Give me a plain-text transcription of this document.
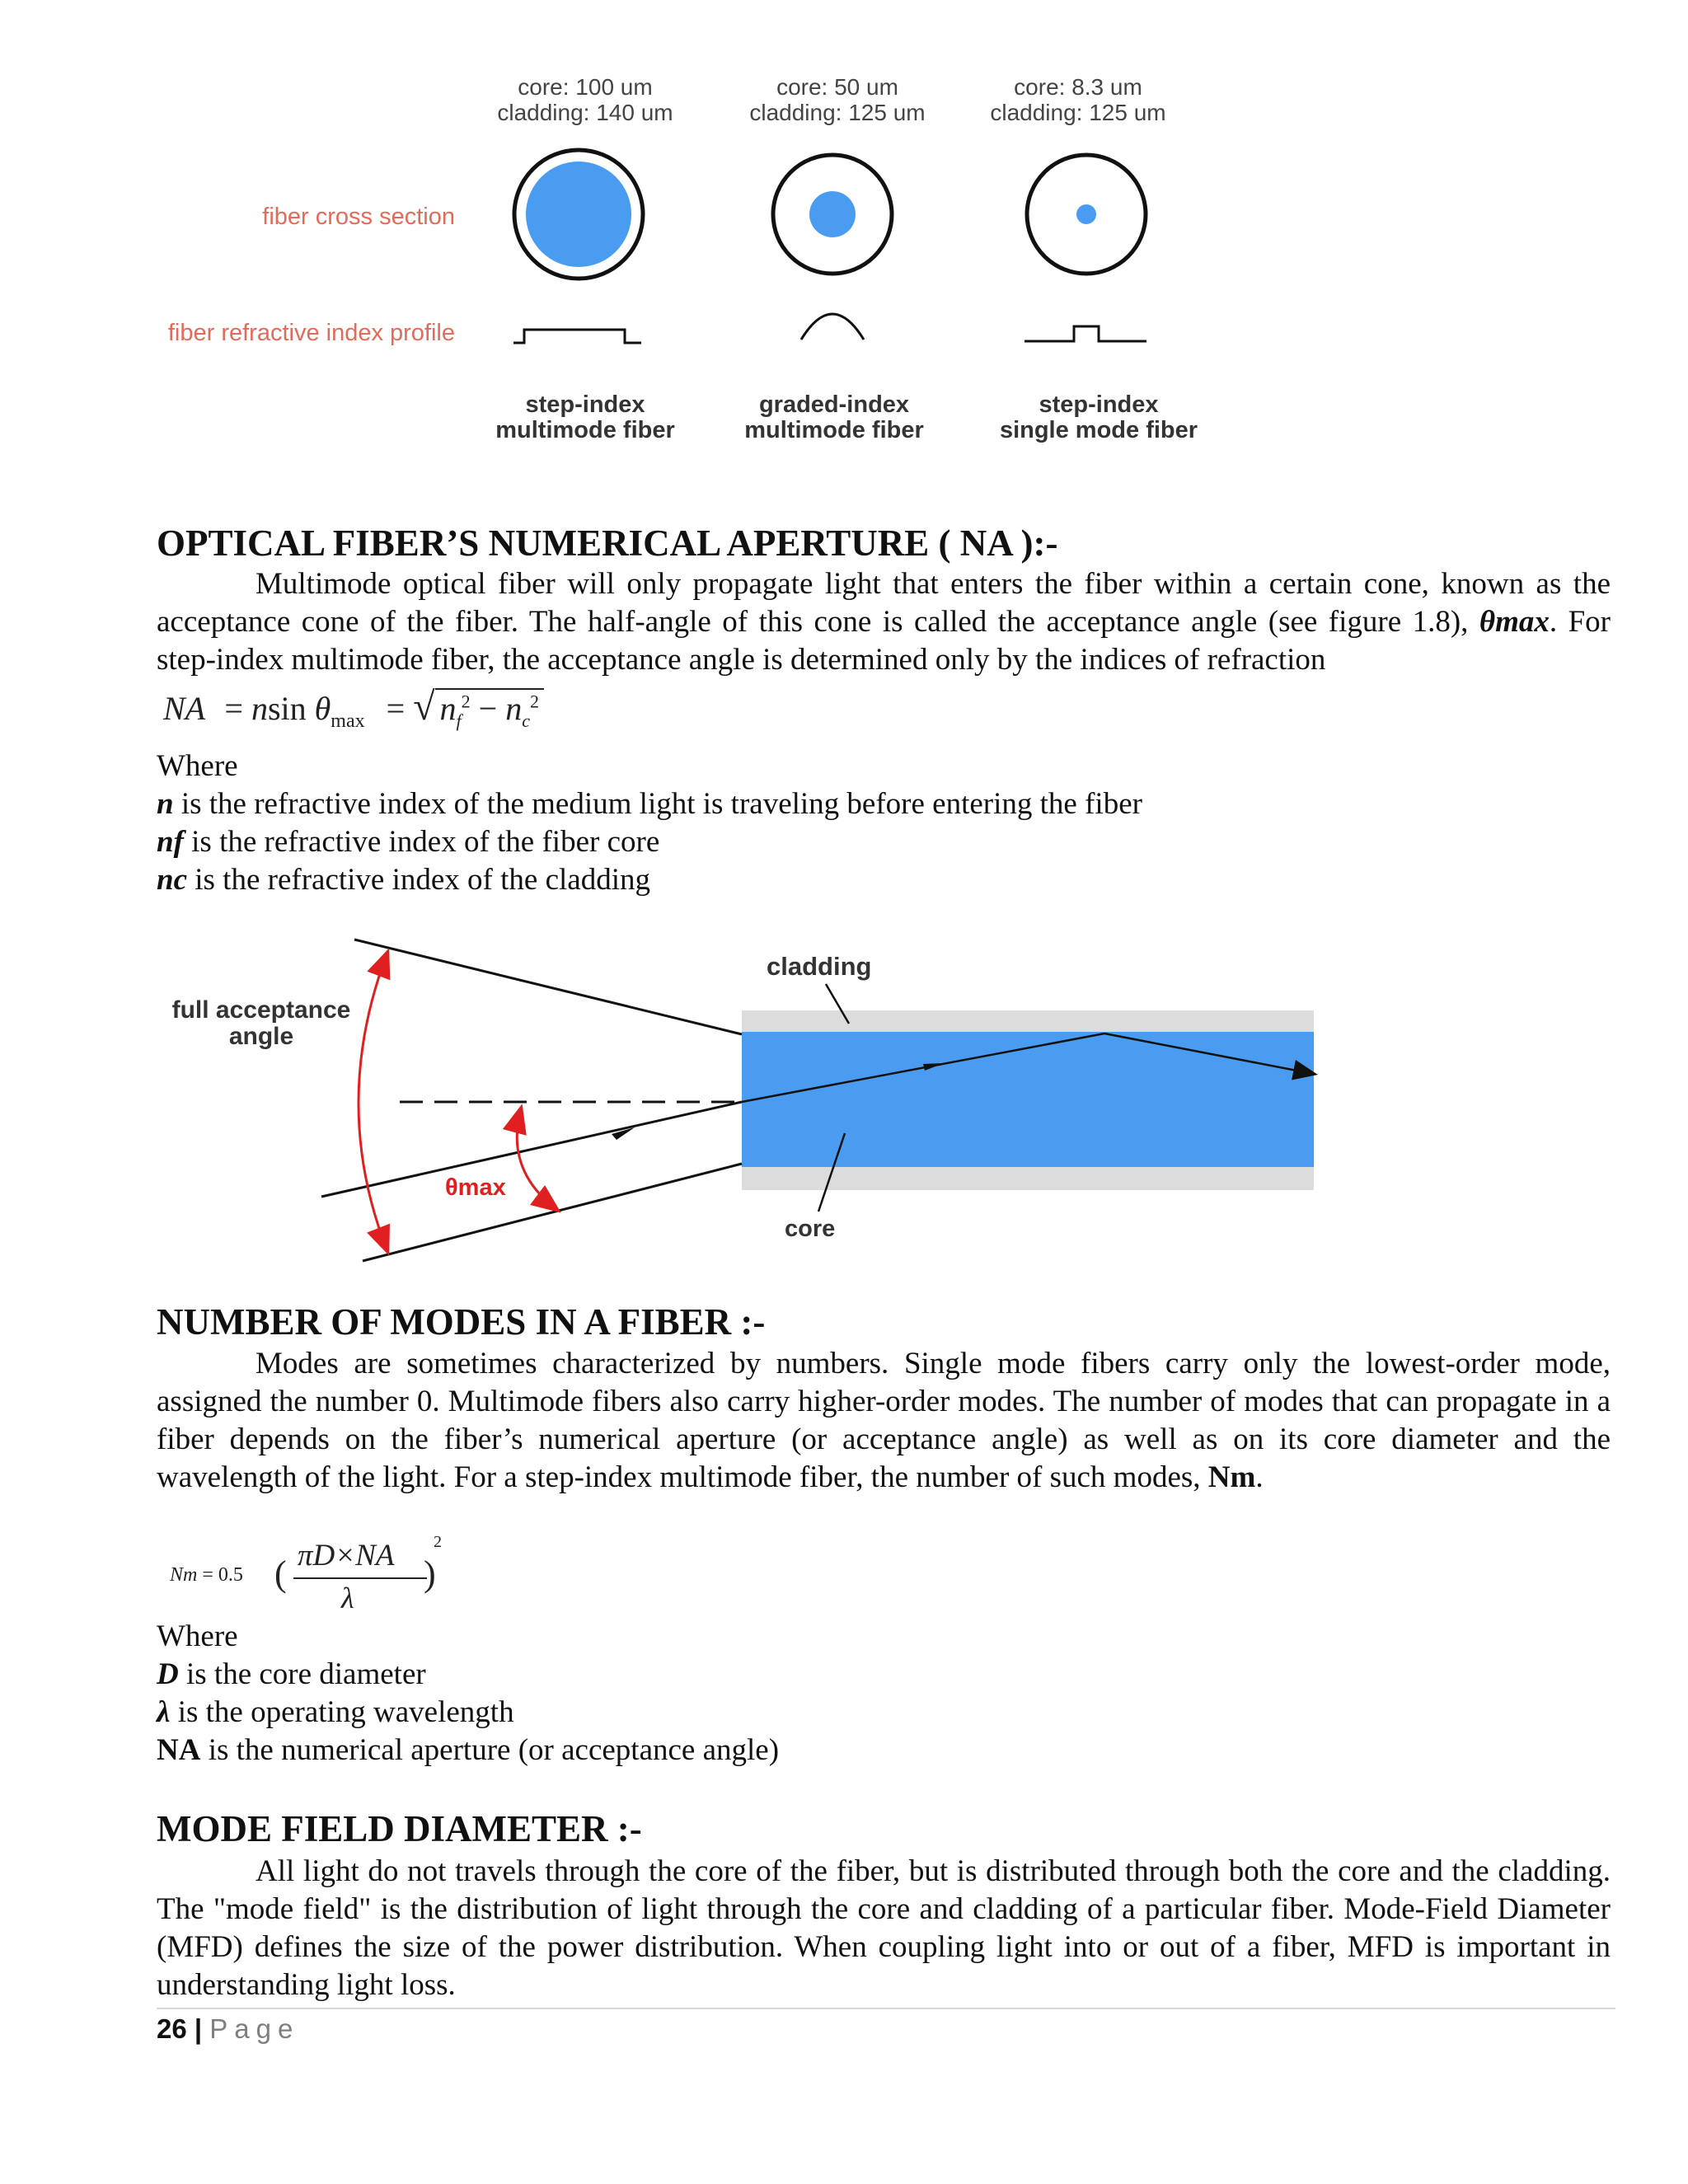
core: 100 um
cladding: 140 um
core: 50 um
cladding: 125 um
core: 8.3 um
cladding: 125 um
fiber cross section
fiber refractive index profile
step-index
multimode fiber
graded-index
multimode fiber
step-index
single mode fiber
OPTICAL FIBER’S NUMERICAL APERTURE ( NA ):-
Multimode optical fiber will only propagate light that enters the fiber within a certain cone, known as the acceptance cone of the fiber. The half-angle of this cone is called the acceptance angle (see figure 1.8), θmax. For step-index multimode fiber, the acceptance angle is determined only by the indices of refraction
NA = nsin $\theta_{max}$ = √ $n_f^2 - n_c^2$
Where
n is the refractive index of the medium light is traveling before entering the fiber
nf is the refractive index of the fiber core
nc is the refractive index of the cladding
full acceptance
angle
cladding
core
θmax
NUMBER OF MODES IN A FIBER :-
Modes are sometimes characterized by numbers. Single mode fibers carry only the lowest-order mode, assigned the number 0. Multimode fibers also carry higher-order modes. The number of modes that can propagate in a fiber depends on the fiber’s numerical aperture (or acceptance angle) as well as on its core diameter and the wavelength of the light. For a step-index multimode fiber, the number of such modes, Nm.
Nm = 0.5 ( πD×NA
λ
)
2
Where
D is the core diameter
λ is the operating wavelength
NA is the numerical aperture (or acceptance angle)
MODE FIELD DIAMETER :-
All light do not travels through the core of the fiber, but is distributed through both the core and the cladding. The "mode field" is the distribution of light through the core and cladding of a particular fiber. Mode-Field Diameter (MFD) defines the size of the power distribution. When coupling light into or out of a fiber, MFD is important in understanding light loss.
26 | Page
